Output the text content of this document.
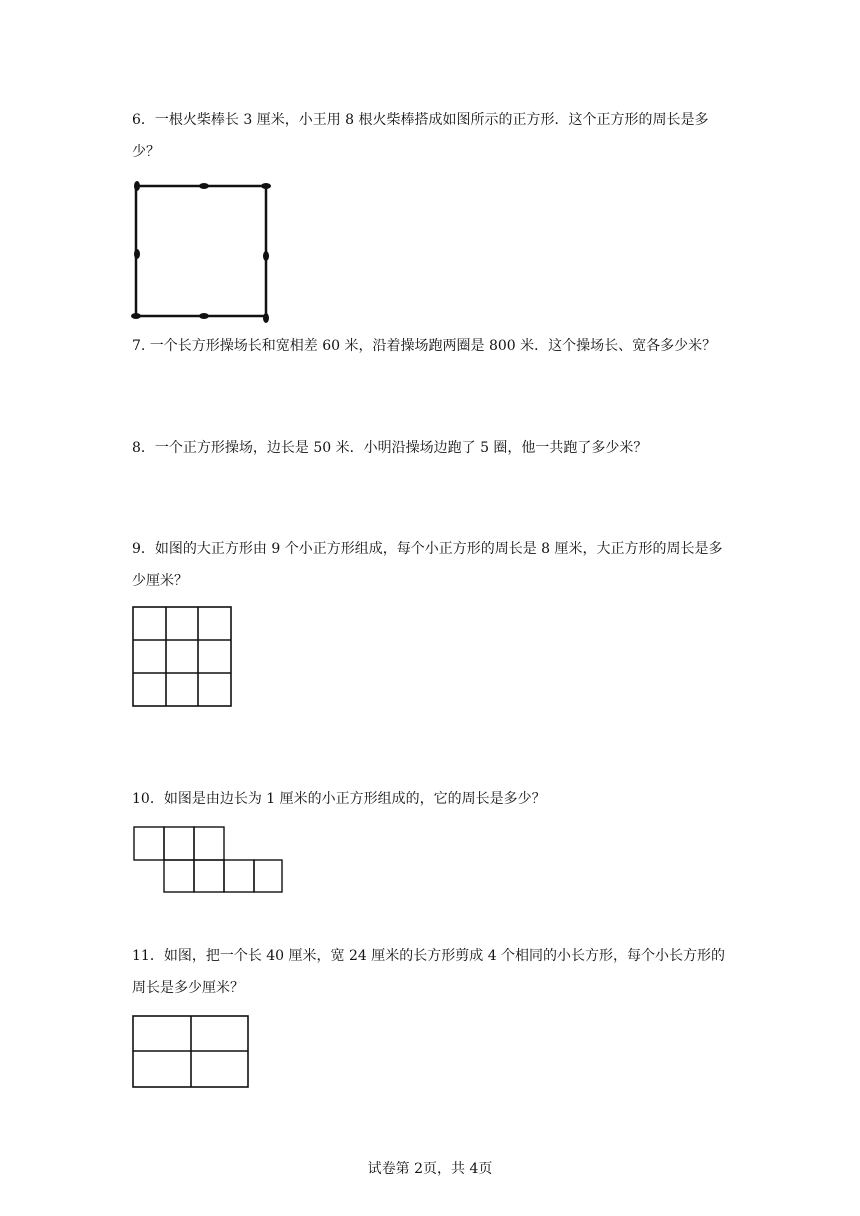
6．一根火柴棒长 3 厘米，小王用 8 根火柴棒搭成如图所示的正方形．这个正方形的周长是多少？

7. 一个长方形操场长和宽相差 60 米，沿着操场跑两圈是 800 米．这个操场长、宽各多少米？

8．一个正方形操场，边长是 50 米．小明沿操场边跑了 5 圈，他一共跑了多少米？

9．如图的大正方形由 9 个小正方形组成，每个小正方形的周长是 8 厘米，大正方形的周长是多少厘米？

10．如图是由边长为 1 厘米的小正方形组成的，它的周长是多少？

11．如图，把一个长 40 厘米，宽 24 厘米的长方形剪成 4 个相同的小长方形，每个小长方形的周长是多少厘米？

试卷第 2页，共 4页
